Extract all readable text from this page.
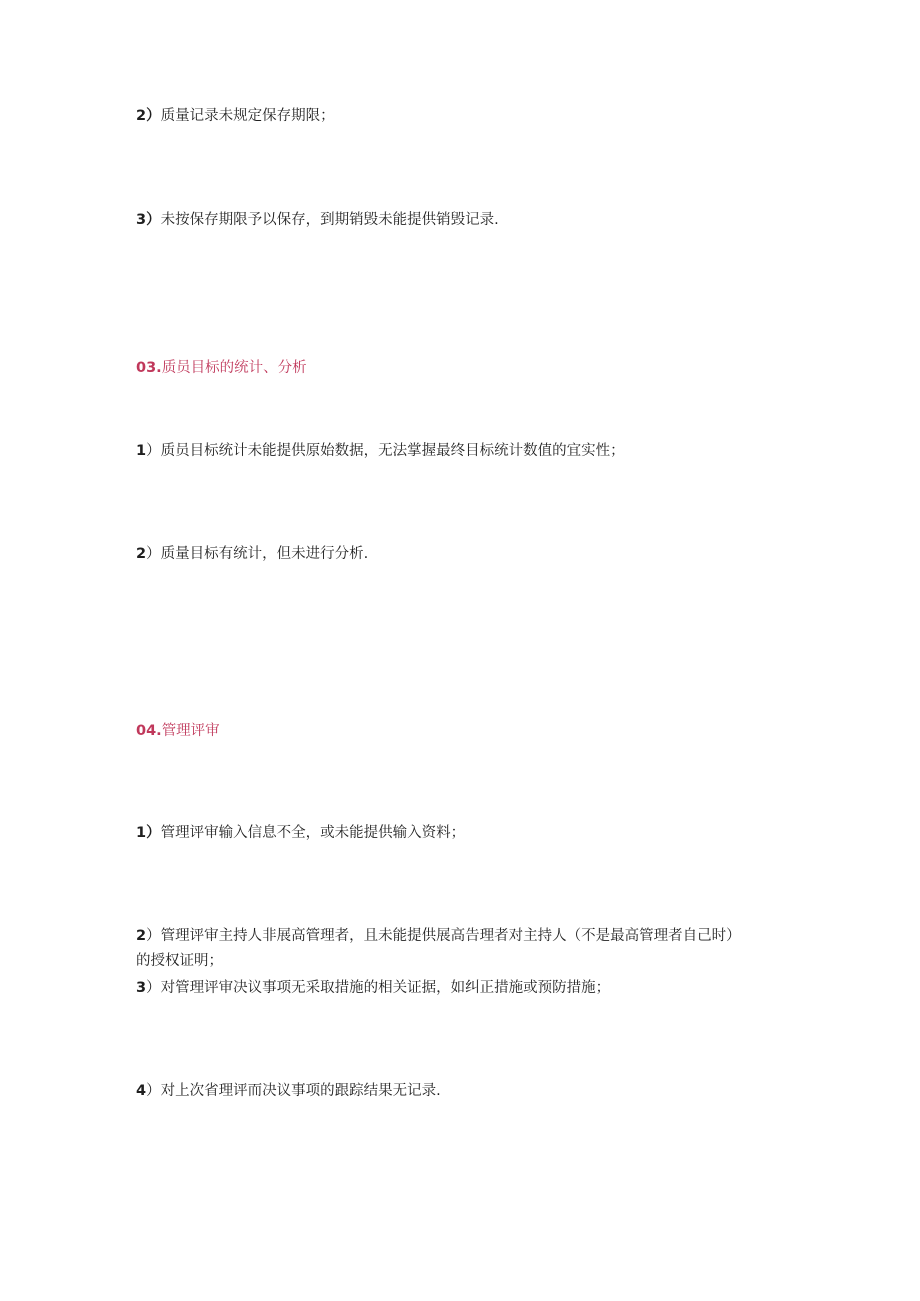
2）质量记录未规定保存期限；
3）未按保存期限予以保存，到期销毁未能提供销毁记录.
03.质员目标的统计、分析
1）质员目标统计未能提供原始数据，无法掌握最终目标统计数值的宜实性；
2）质量目标有统计，但未进行分析.
04.管理评审
1）管理评审输入信息不全，或未能提供输入资料；
2）管理评审主持人非展高管理者，且未能提供展高告理者对主持人（不是最高管理者自己时）
的授权证明；
3）对管理评审决议事项无采取措施的相关证据，如纠正措施或预防措施；
4）对上次省理评而决议事项的跟踪结果无记录.
